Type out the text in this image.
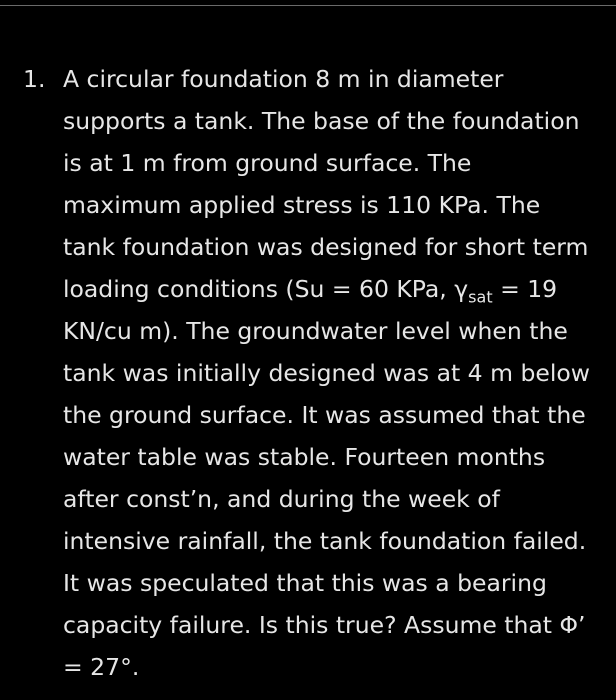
1. A circular foundation 8 m in diameter
supports a tank. The base of the foundation
is at 1 m from ground surface. The
maximum applied stress is 110 KPa. The
tank foundation was designed for short term
loading conditions (Su = 60 KPa, $\gamma_{sat} = 19$
KN/cu m). The groundwater level when the
tank was initially designed was at 4 m below
the ground surface. It was assumed that the
water table was stable. Fourteen months
after const’n, and during the week of
intensive rainfall, the tank foundation failed.
It was speculated that this was a bearing
capacity failure. Is this true? Assume that Φ’
= 27°.
